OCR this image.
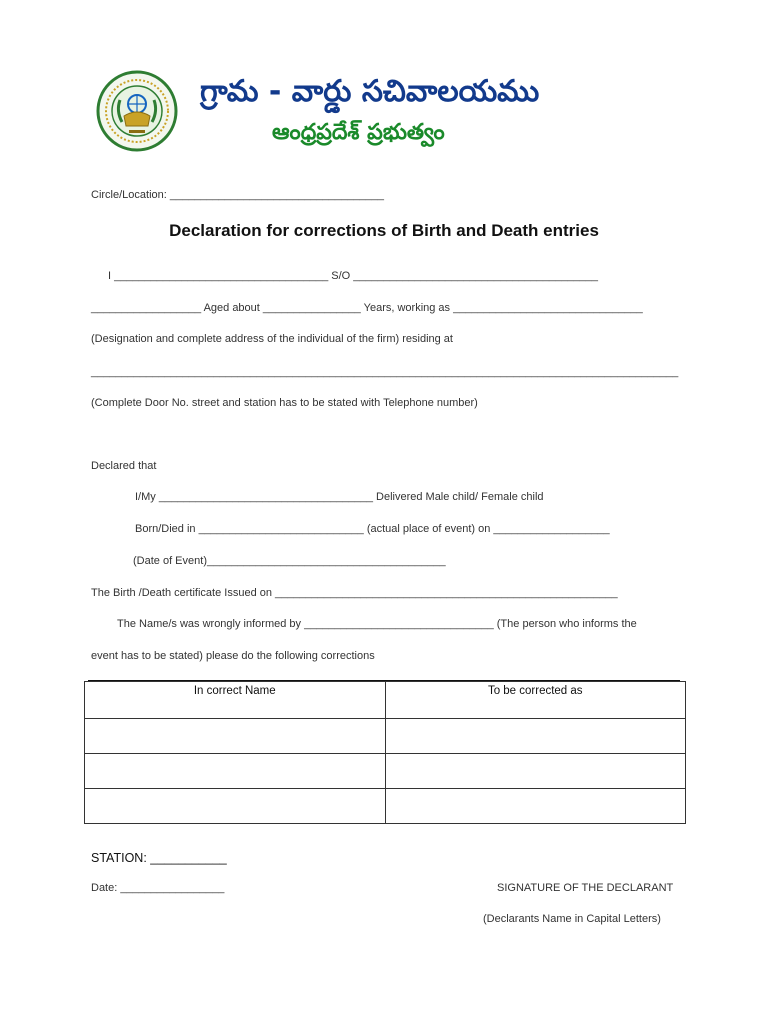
గ్రామ - వార్డు సచివాలయము
ఆంధ్రప్రదేశ్ ప్రభుత్వం
Circle/Location: ___________________________________
Declaration for corrections of Birth and Death entries
I ___________________________________ S/O ________________________________________
__________________ Aged about ________________ Years, working as _______________________________
(Designation and complete address of the individual of the firm) residing at
________________________________________________________________________________________________
(Complete Door No. street and station has to be stated with Telephone number)
Declared that
I/My ___________________________________ Delivered Male child/ Female child
Born/Died in ___________________________ (actual place of event) on ___________________
(Date of Event)_______________________________________
The Birth /Death certificate Issued on ________________________________________________________
The Name/s was wrongly informed by _______________________________ (The person who informs the
event has to be stated) please do the following corrections
In correct Name	To be corrected as

STATION: ___________
Date: _________________	SIGNATURE OF THE DECLARANT
(Declarants Name in Capital Letters)
